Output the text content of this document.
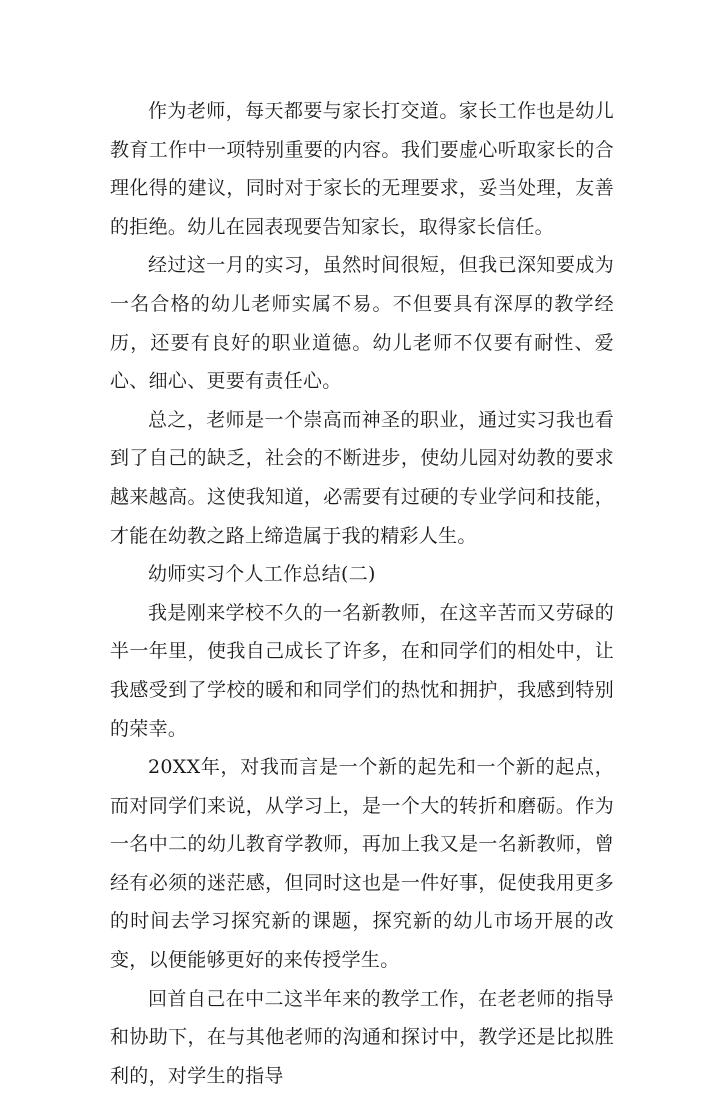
作为老师，每天都要与家长打交道。家长工作也是幼儿教育工作中一项特别重要的内容。我们要虚心听取家长的合理化得的建议，同时对于家长的无理要求，妥当处理，友善的拒绝。幼儿在园表现要告知家长，取得家长信任。

经过这一月的实习，虽然时间很短，但我已深知要成为一名合格的幼儿老师实属不易。不但要具有深厚的教学经历，还要有良好的职业道德。幼儿老师不仅要有耐性、爱心、细心、更要有责任心。

总之，老师是一个崇高而神圣的职业，通过实习我也看到了自己的缺乏，社会的不断进步，使幼儿园对幼教的要求越来越高。这使我知道，必需要有过硬的专业学问和技能，才能在幼教之路上缔造属于我的精彩人生。

幼师实习个人工作总结(二)

我是刚来学校不久的一名新教师，在这辛苦而又劳碌的半一年里，使我自己成长了许多，在和同学们的相处中，让我感受到了学校的暖和和同学们的热忱和拥护，我感到特别的荣幸。

20XX年，对我而言是一个新的起先和一个新的起点，而对同学们来说，从学习上，是一个大的转折和磨砺。作为一名中二的幼儿教育学教师，再加上我又是一名新教师，曾经有必须的迷茫感，但同时这也是一件好事，促使我用更多的时间去学习探究新的课题，探究新的幼儿市场开展的改变，以便能够更好的来传授学生。

回首自己在中二这半年来的教学工作，在老老师的指导和协助下，在与其他老师的沟通和探讨中，教学还是比拟胜利的，对学生的指导
